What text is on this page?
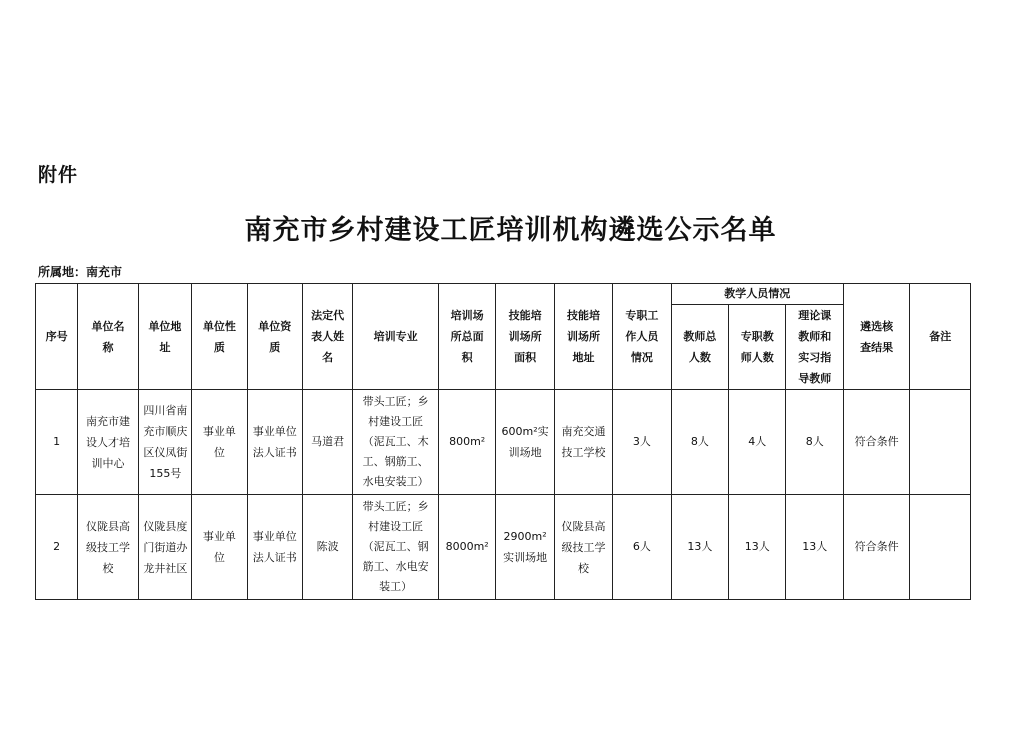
附件
南充市乡村建设工匠培训机构遴选公示名单
所属地：南充市
序号	单位名称	单位地址	单位性质	单位资质	法定代表人姓名	培训专业	培训场所总面积	技能培训场所面积	技能培训场所地址	专职工作人员情况	教学人员情况			遴选核查结果	备注
											教师总人数	专职教师人数	理论课教师和实习指导教师		
1	南充市建设人才培训中心	四川省南充市顺庆区仪凤街155号	事业单位	事业单位法人证书	马道君	带头工匠；乡村建设工匠（泥瓦工、木工、钢筋工、水电安装工）	800m²	600m²实训场地	南充交通技工学校	3人	8人	4人	8人	符合条件	
2	仪陇县高级技工学校	仪陇县度门街道办龙井社区	事业单位	事业单位法人证书	陈波	带头工匠；乡村建设工匠（泥瓦工、钢筋工、水电安装工）	8000m²	2900m²实训场地	仪陇县高级技工学校	6人	13人	13人	13人	符合条件	
